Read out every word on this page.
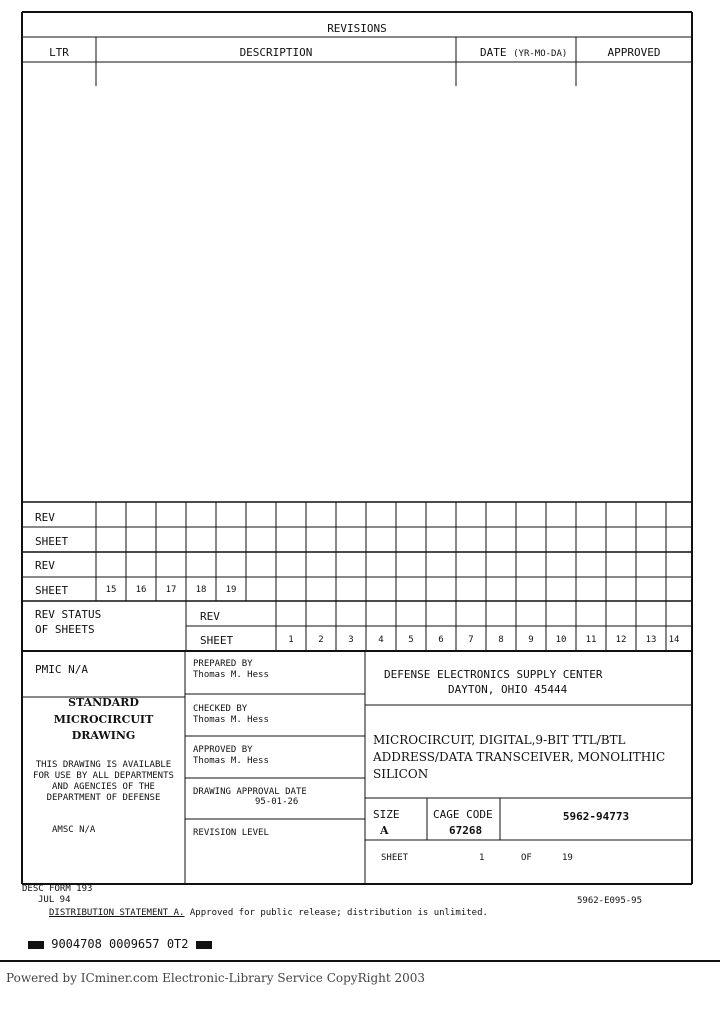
REVISIONS
LTR	DESCRIPTION	DATE (YR-MO-DA)	APPROVED
REV
SHEET
REV
SHEET	15	16	17	18	19
REV STATUS
OF SHEETS
REV
SHEET	1	2	3	4	5	6	7	8	9	10	11	12	13	14
PMIC N/A
STANDARD
MICROCIRCUIT
DRAWING
THIS DRAWING IS AVAILABLE
FOR USE BY ALL DEPARTMENTS
AND AGENCIES OF THE
DEPARTMENT OF DEFENSE
AMSC N/A
PREPARED BY
Thomas M. Hess
CHECKED BY
Thomas M. Hess
APPROVED BY
Thomas M. Hess
DRAWING APPROVAL DATE
95-01-26
REVISION LEVEL
DEFENSE ELECTRONICS SUPPLY CENTER
DAYTON, OHIO 45444
MICROCIRCUIT, DIGITAL,9-BIT TTL/BTL
ADDRESS/DATA TRANSCEIVER, MONOLITHIC
SILICON
SIZE
A
CAGE CODE
67268
5962-94773
SHEET	1	OF	19
DESC FORM 193
JUL 94	5962-E095-95
DISTRIBUTION STATEMENT A. Approved for public release; distribution is unlimited.
9004708 0009657 0T2
Powered by ICminer.com Electronic-Library Service CopyRight 2003
